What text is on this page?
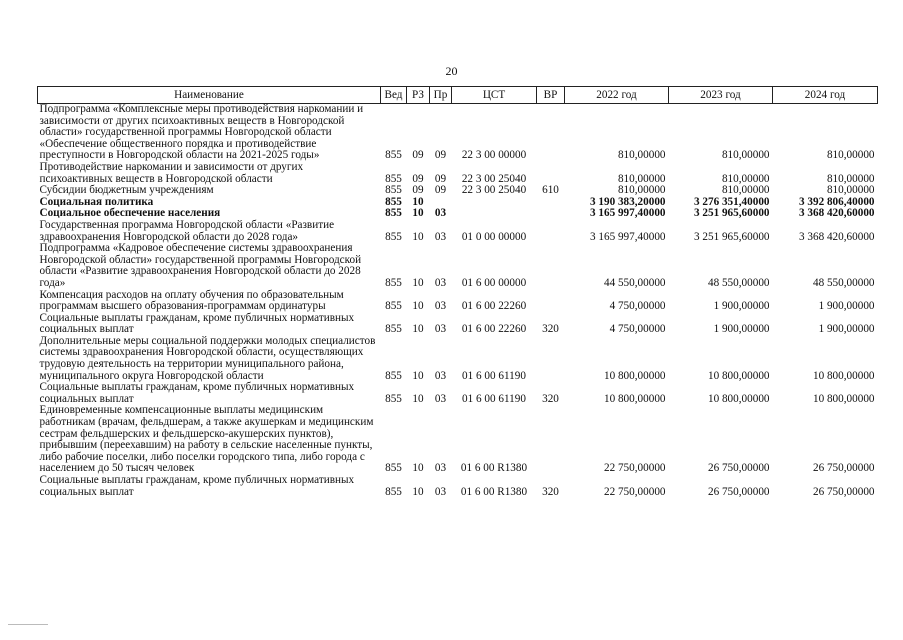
20
Наименование	Вед	РЗ	Пр	ЦСТ	ВР	2022 год	2023 год	2024 год
Подпрограмма «Комплексные меры противодействия наркомании и зависимости от других психоактивных веществ в Новгородской области» государственной программы Новгородской области «Обеспечение общественного порядка и противодействие преступности в Новгородской области на 2021-2025 годы»	855	09	09	22 3 00 00000		810,00000	810,00000	810,00000
Противодействие наркомании и зависимости от других психоактивных веществ в Новгородской области	855	09	09	22 3 00 25040		810,00000	810,00000	810,00000
Субсидии бюджетным учреждениям	855	09	09	22 3 00 25040	610	810,00000	810,00000	810,00000
Социальная политика	855	10				3 190 383,20000	3 276 351,40000	3 392 806,40000
Социальное обеспечение населения	855	10	03			3 165 997,40000	3 251 965,60000	3 368 420,60000
Государственная программа Новгородской области «Развитие здравоохранения Новгородской области до 2028 года»	855	10	03	01 0 00 00000		3 165 997,40000	3 251 965,60000	3 368 420,60000
Подпрограмма «Кадровое обеспечение системы здравоохранения Новгородской области» государственной программы Новгородской области «Развитие здравоохранения Новгородской области до 2028 года»	855	10	03	01 6 00 00000		44 550,00000	48 550,00000	48 550,00000
Компенсация расходов на оплату обучения по образовательным программам высшего образования-программам ординатуры	855	10	03	01 6 00 22260		4 750,00000	1 900,00000	1 900,00000
Социальные выплаты гражданам, кроме публичных нормативных социальных выплат	855	10	03	01 6 00 22260	320	4 750,00000	1 900,00000	1 900,00000
Дополнительные меры социальной поддержки молодых специалистов системы здравоохранения Новгородской области, осуществляющих трудовую деятельность на территории муниципального района, муниципального округа Новгородской области	855	10	03	01 6 00 61190		10 800,00000	10 800,00000	10 800,00000
Социальные выплаты гражданам, кроме публичных нормативных социальных выплат	855	10	03	01 6 00 61190	320	10 800,00000	10 800,00000	10 800,00000
Единовременные компенсационные выплаты медицинским работникам (врачам, фельдшерам, а также акушеркам и медицинским сестрам фельдшерских и фельдшерско-акушерских пунктов), прибывшим (переехавшим) на работу в сельские населенные пункты, либо рабочие поселки, либо поселки городского типа, либо города с населением до 50 тысяч человек	855	10	03	01 6 00 R1380		22 750,00000	26 750,00000	26 750,00000
Социальные выплаты гражданам, кроме публичных нормативных социальных выплат	855	10	03	01 6 00 R1380	320	22 750,00000	26 750,00000	26 750,00000
